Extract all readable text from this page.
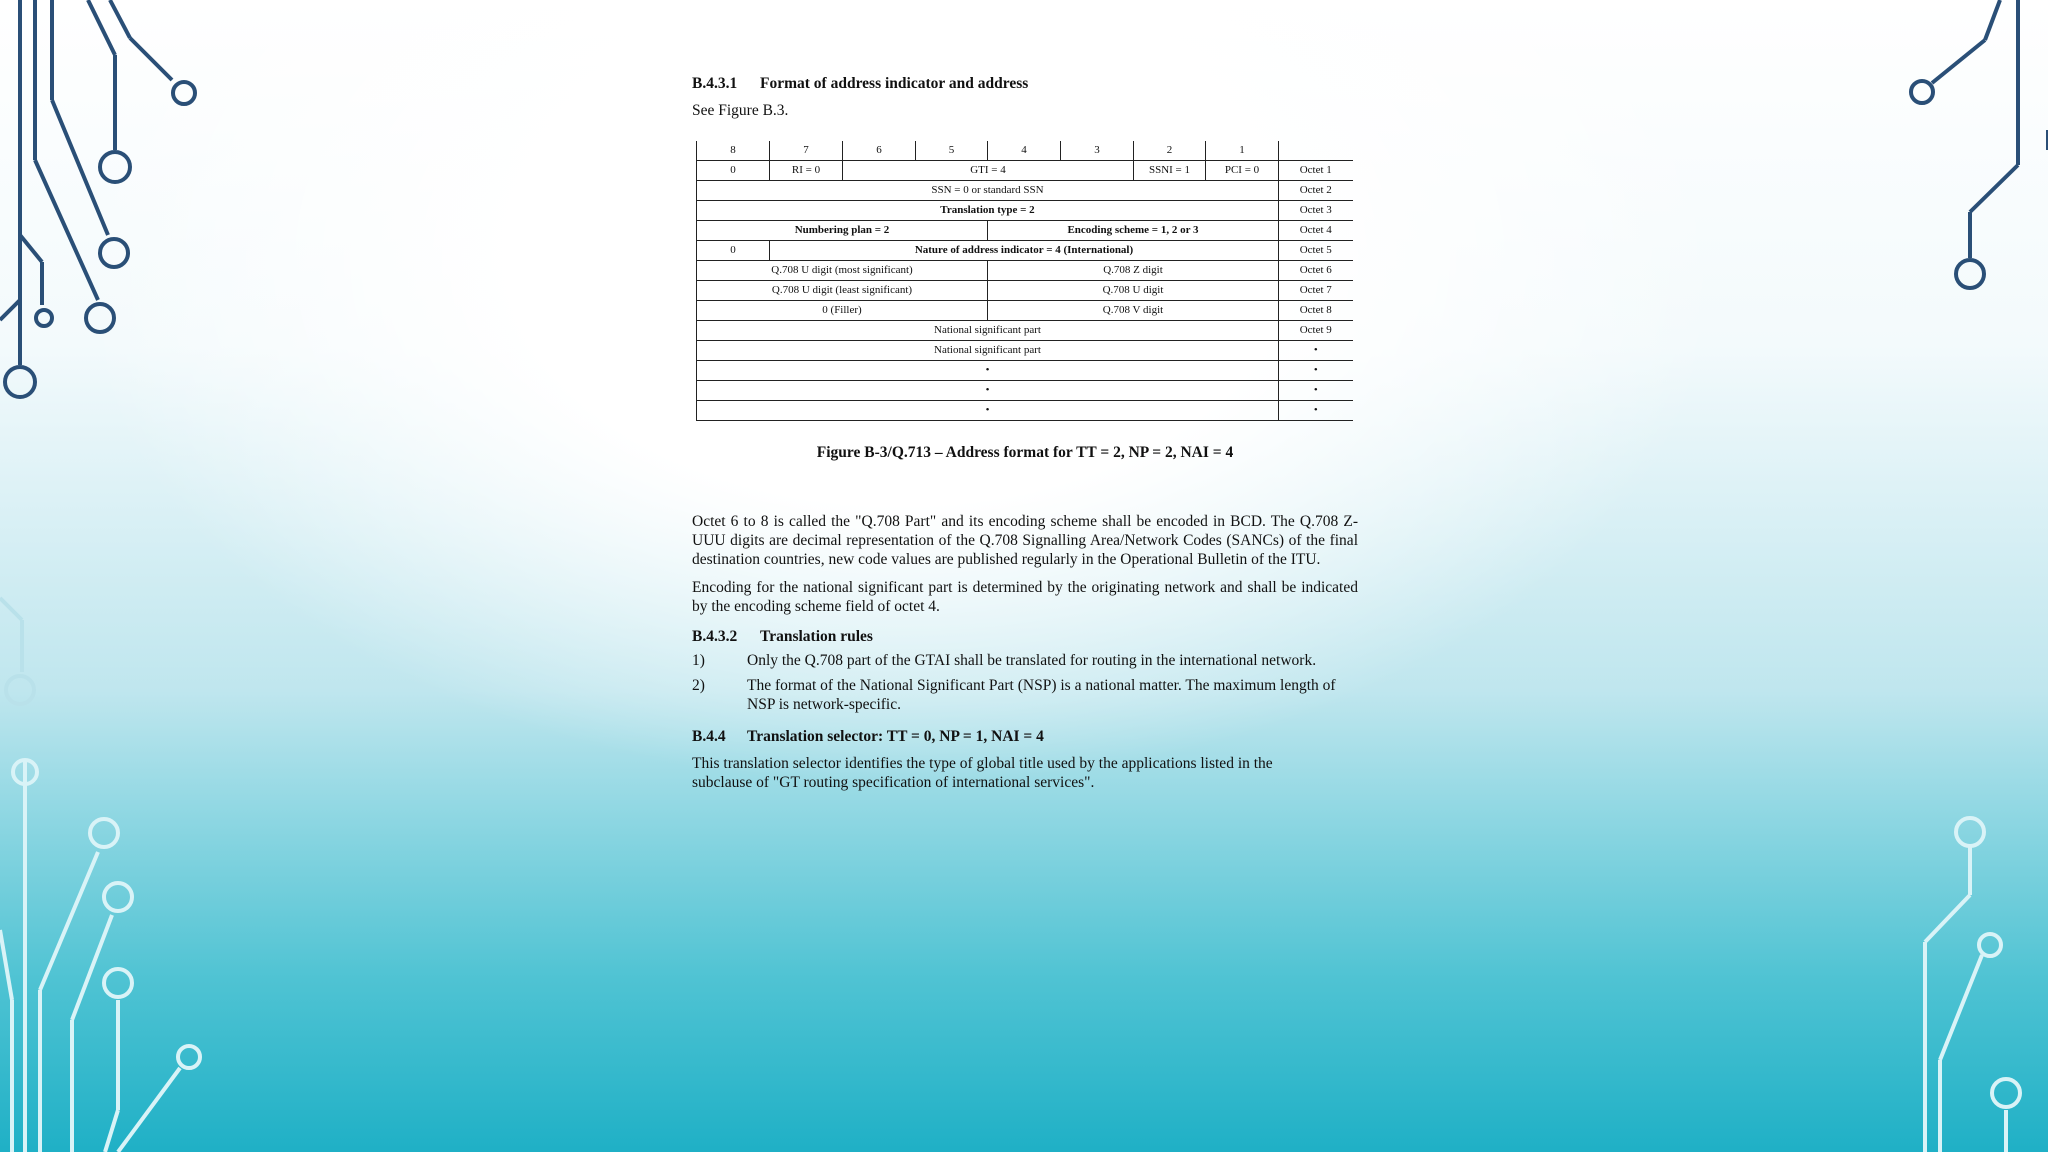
B.4.3.1 Format of address indicator and address

See Figure B.3.

Octet 6 to 8 is called the "Q.708 Part" and its encoding scheme shall be encoded in BCD. The Q.708 Z-UUU digits are decimal representation of the Q.708 Signalling Area/Network Codes (SANCs) of the final destination countries, new code values are published regularly in the Operational Bulletin of the ITU.

Encoding for the national significant part is determined by the originating network and shall be indicated by the encoding scheme field of octet 4.

B.4.3.2 Translation rules

1)	Only the Q.708 part of the GTAI shall be translated for routing in the international network.
2)	The format of the National Significant Part (NSP) is a national matter. The maximum length of NSP is network-specific.

B.4.4 Translation selector: TT = 0, NP = 1, NAI = 4

This translation selector identifies the type of global title used by the applications listed in the subclause of "GT routing specification of international services".

8	7	6	5	4	3	2	1	
0	RI = 0	GTI = 4				SSNI = 1	PCI = 0	Octet 1
SSN = 0 or standard SSN								Octet 2
Translation type = 2								Octet 3
Numbering plan = 2				Encoding scheme = 1, 2 or 3				Octet 4
0	Nature of address indicator = 4 (International)							Octet 5
Q.708 U digit (most significant)				Q.708 Z digit				Octet 6
Q.708 U digit (least significant)				Q.708 U digit				Octet 7
0 (Filler)				Q.708 V digit				Octet 8
National significant part								Octet 9
National significant part								•
•								•
•								•
•								•
Figure B-3/Q.713 – Address format for TT = 2, NP = 2, NAI = 4
